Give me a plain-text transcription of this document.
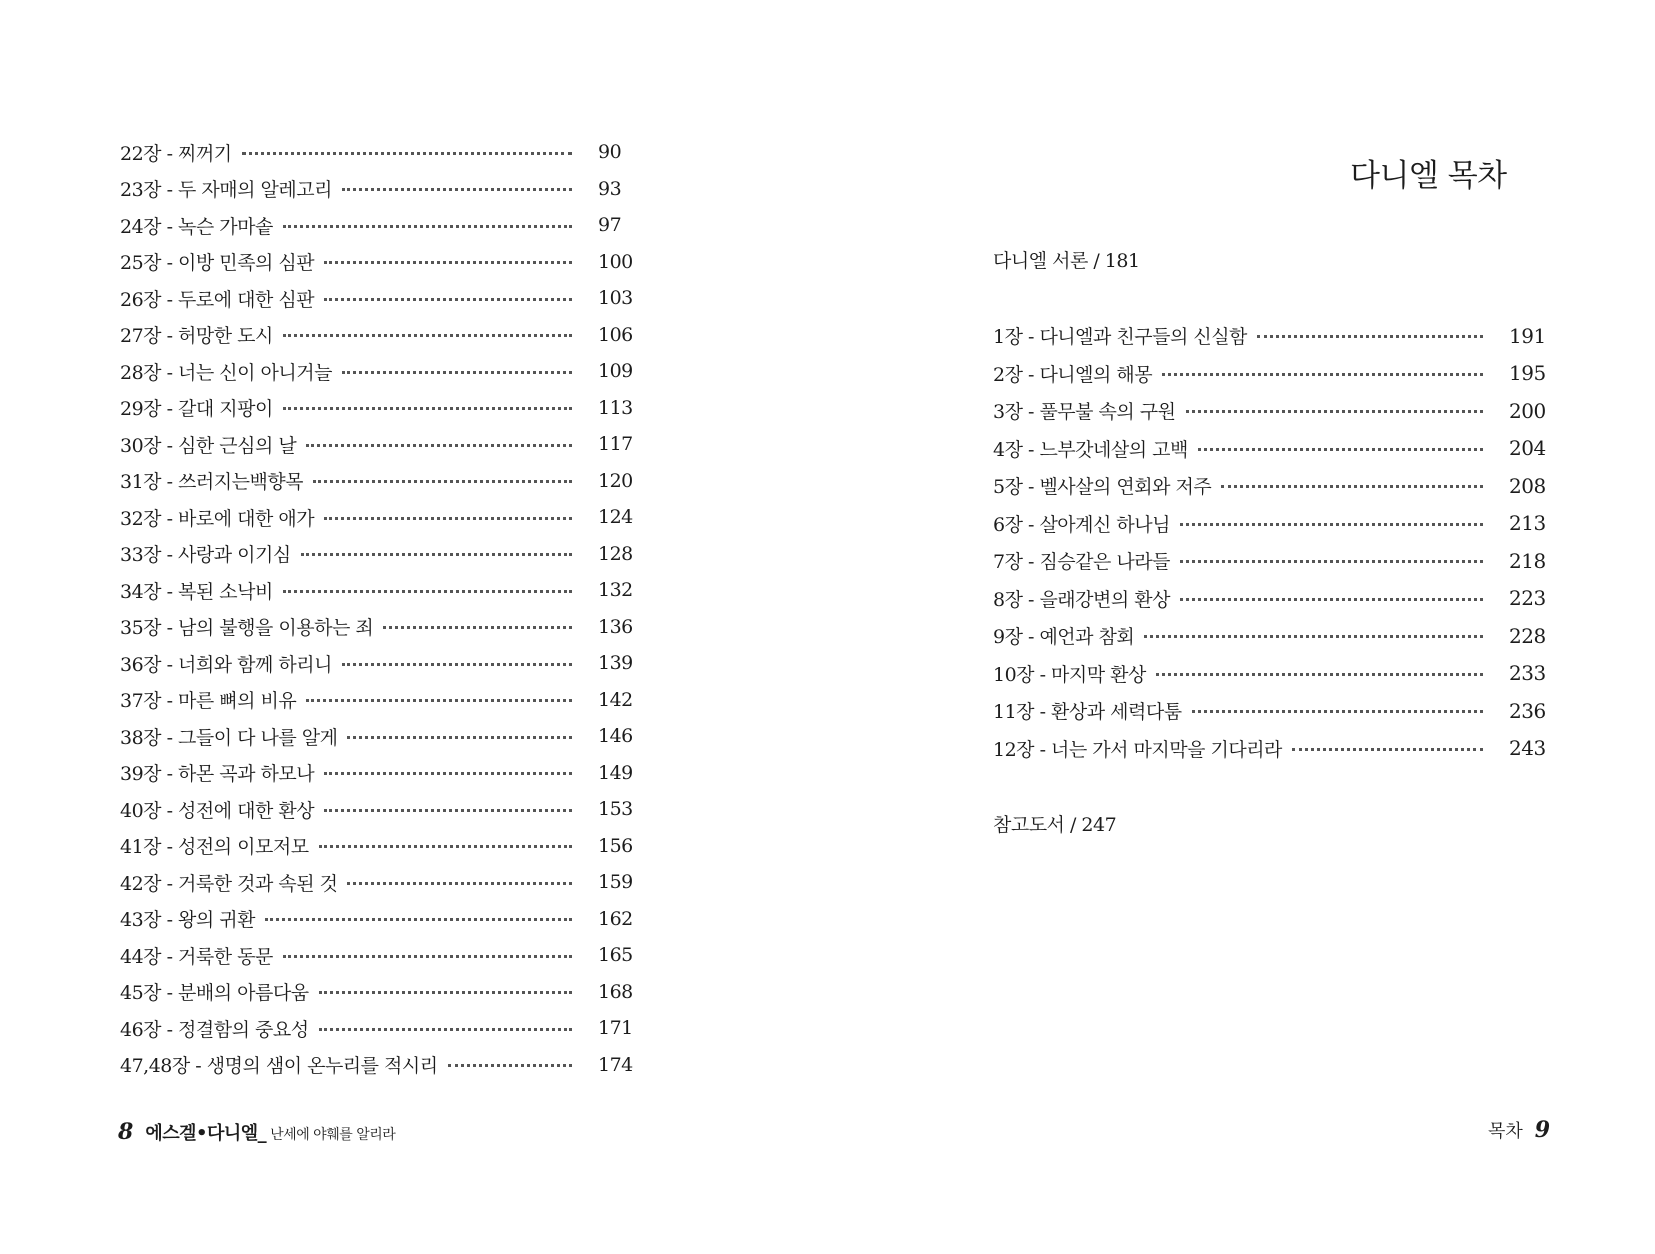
22장 - 찌꺼기	90
23장 - 두 자매의 알레고리	93
24장 - 녹슨 가마솥	97
25장 - 이방 민족의 심판	100
26장 - 두로에 대한 심판	103
27장 - 허망한 도시	106
28장 - 너는 신이 아니거늘	109
29장 - 갈대 지팡이	113
30장 - 심한 근심의 날	117
31장 - 쓰러지는백향목	120
32장 - 바로에 대한 애가	124
33장 - 사랑과 이기심	128
34장 - 복된 소낙비	132
35장 - 남의 불행을 이용하는 죄	136
36장 - 너희와 함께 하리니	139
37장 - 마른 뼈의 비유	142
38장 - 그들이 다 나를 알게	146
39장 - 하몬 곡과 하모나	149
40장 - 성전에 대한 환상	153
41장 - 성전의 이모저모	156
42장 - 거룩한 것과 속된 것	159
43장 - 왕의 귀환	162
44장 - 거룩한 동문	165
45장 - 분배의 아름다움	168
46장 - 정결함의 중요성	171
47,48장 - 생명의 샘이 온누리를 적시리	174
8 에스겔•다니엘_ 난세에 야훼를 알리라
다니엘 목차
다니엘 서론 / 181
1장 - 다니엘과 친구들의 신실함	191
2장 - 다니엘의 해몽	195
3장 - 풀무불 속의 구원	200
4장 - 느부갓네살의 고백	204
5장 - 벨사살의 연회와 저주	208
6장 - 살아계신 하나님	213
7장 - 짐승같은 나라들	218
8장 - 을래강변의 환상	223
9장 - 예언과 참회	228
10장 - 마지막 환상	233
11장 - 환상과 세력다툼	236
12장 - 너는 가서 마지막을 기다리라	243
참고도서 / 247
목차 9
